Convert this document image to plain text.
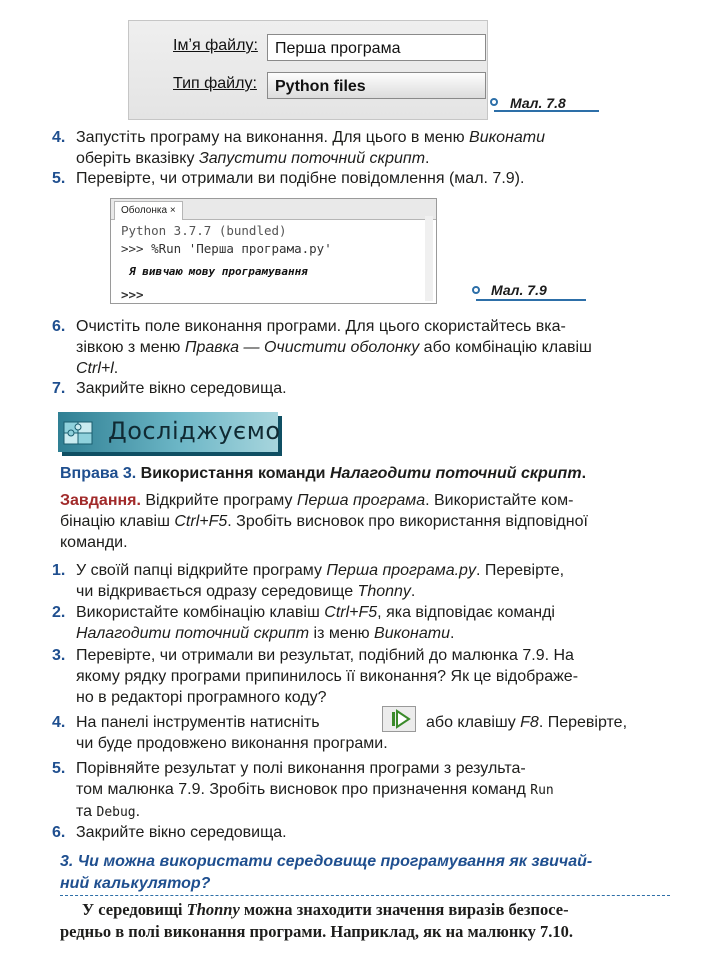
Імʼя файлу:	Перша програма
Тип файлу:	Python files
Мал. 7.8
4. Запустіть програму на виконання. Для цього в меню Виконати
оберіть вказівку Запустити поточний скрипт.
5. Перевірте, чи отримали ви подібне повідомлення (мал. 7.9).
Оболонка ×
Python 3.7.7 (bundled)
>>> %Run 'Перша програма.py'
Я вивчаю мову програмування
>>>	Мал. 7.9
6. Очистіть поле виконання програми. Для цього скористайтесь вка-
зівкою з меню Правка — Очистити оболонку або комбінацію клавіш
Ctrl+l.
7. Закрийте вікно середовища.
Досліджуємо
Вправа 3. Використання команди Налагодити поточний скрипт.
Завдання. Відкрийте програму Перша програма. Використайте ком-
бінацію клавіш Ctrl+F5. Зробіть висновок про використання відповідної
команди.
1. У своїй папці відкрийте програму Перша програма.py. Перевірте,
чи відкривається одразу середовище Thonny.
2. Використайте комбінацію клавіш Ctrl+F5, яка відповідає команді
Налагодити поточний скрипт із меню Виконати.
3. Перевірте, чи отримали ви результат, подібний до малюнка 7.9. На
якому рядку програми припинилось її виконання? Як це відображе-
но в редакторі програмного коду?
4. На панелі інструментів натисніть	або клавішу F8. Перевірте,
чи буде продовжено виконання програми.
5. Порівняйте результат у полі виконання програми з результа-
том малюнка 7.9. Зробіть висновок про призначення команд Run
та Debug.
6. Закрийте вікно середовища.
3. Чи можна використати середовище програмування як звичай-
ний калькулятор?
У середовищі Thonny можна знаходити значення виразів безпосе-
редньо в полі виконання програми. Наприклад, як на малюнку 7.10.
